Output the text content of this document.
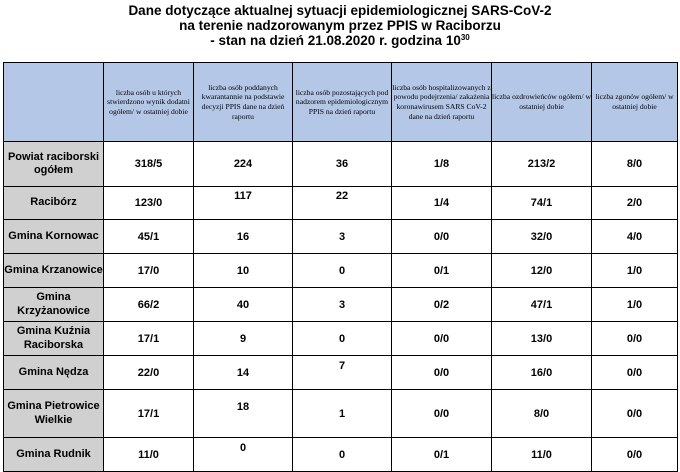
Dane dotyczące aktualnej sytuacji epidemiologicznej SARS-CoV-2
na terenie nadzorowanym przez PPIS w Raciborzu
- stan na dzień 21.08.2020 r. godzina $10^{30}$
	liczba osób u których stwierdzono wynik dodatni ogółem/ w ostatniej dobie	liczba osób poddanych kwarantannie na podstawie decyzji PPIS dane na dzień raportu	liczba osób pozostających pod nadzorem epidemiologicznym PPIS na dzień raportu	liczba osób hospitalizowanych z powodu podejrzenia/ zakażenia koronawirusem SARS CoV-2 dane na dzień raportu	liczba ozdrowieńców ogółem/ w ostatniej dobie	liczba zgonów ogółem/ w ostatniej dobie
Powiat raciborski ogółem	318/5	224	36	1/8	213/2	8/0
Racibórz	123/0	117	22	1/4	74/1	2/0
Gmina Kornowac	45/1	16	3	0/0	32/0	4/0
Gmina Krzanowice	17/0	10	0	0/1	12/0	1/0
Gmina Krzyżanowice	66/2	40	3	0/2	47/1	1/0
Gmina Kuźnia Raciborska	17/1	9	0	0/0	13/0	0/0
Gmina Nędza	22/0	14	7	0/0	16/0	0/0
Gmina Pietrowice Wielkie	17/1	18	1	0/0	8/0	0/0
Gmina Rudnik	11/0	0	0	0/1	11/0	0/0
